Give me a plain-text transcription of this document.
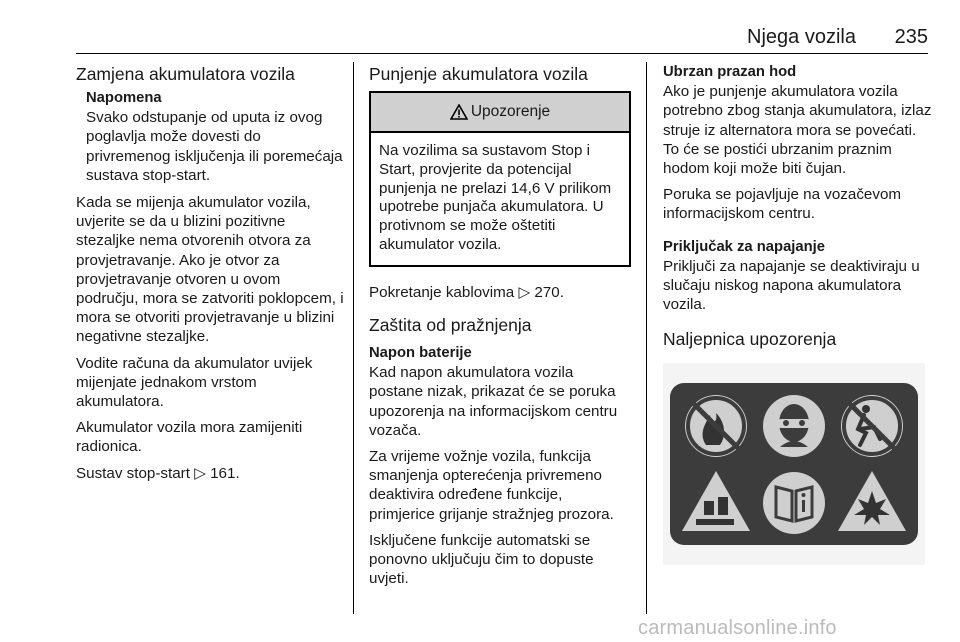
Njega vozila 235
Zamjena akumulatora vozila
Napomena
Svako odstupanje od uputa iz ovog poglavlja može dovesti do privremenog isključenja ili poremećaja sustava stop-start.

Kada se mijenja akumulator vozila, uvjerite se da u blizini pozitivne stezaljke nema otvorenih otvora za provjetravanje. Ako je otvor za provjetravanje otvoren u ovom području, mora se zatvoriti poklopcem, i mora se otvoriti provjetravanje u blizini negativne stezaljke.

Vodite računa da akumulator uvijek mijenjate jednakom vrstom akumulatora.

Akumulator vozila mora zamijeniti radionica.

Sustav stop-start ▷ 161.

Punjenje akumulatora vozila
Upozorenje
Na vozilima sa sustavom Stop i Start, provjerite da potencijal punjenja ne prelazi 14,6 V prilikom upotrebe punjača akumulatora. U protivnom se može oštetiti akumulator vozila.

Pokretanje kablovima ▷ 270.

Zaštita od pražnjenja
Napon baterije

Kad napon akumulatora vozila postane nizak, prikazat će se poruka upozorenja na informacijskom centru vozača.

Za vrijeme vožnje vozila, funkcija smanjenja opterećenja privremeno deaktivira određene funkcije, primjerice grijanje stražnjeg prozora.

Isključene funkcije automatski se ponovno uključuju čim to dopuste uvjeti.

Ubrzan prazan hod

Ako je punjenje akumulatora vozila potrebno zbog stanja akumulatora, izlaz struje iz alternatora mora se povećati. To će se postići ubrzanim praznim hodom koji može biti čujan.

Poruka se pojavljuje na vozačevom informacijskom centru.

Priključak za napajanje

Priključi za napajanje se deaktiviraju u slučaju niskog napona akumulatora vozila.

Naljepnica upozorenja
carmanualsonline.info
